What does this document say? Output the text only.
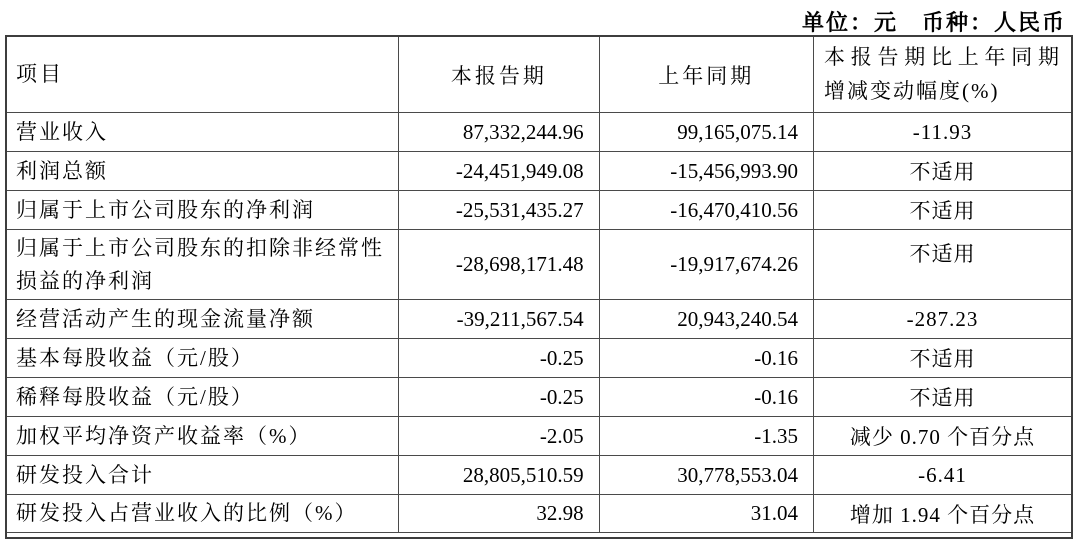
单位：元 币种：人民币
项目	本报告期	上年同期	本报告期比上年同期
增减变动幅度(%)

营业收入	87,332,244.96	99,165,075.14	-11.93
利润总额	-24,451,949.08	-15,456,993.90	不适用
归属于上市公司股东的净利润	-25,531,435.27	-16,470,410.56	不适用
归属于上市公司股东的扣除非经常性损益的净利润	-28,698,171.48	-19,917,674.26	不适用
经营活动产生的现金流量净额	-39,211,567.54	20,943,240.54	-287.23
基本每股收益（元/股）	-0.25	-0.16	不适用
稀释每股收益（元/股）	-0.25	-0.16	不适用
加权平均净资产收益率（%）	-2.05	-1.35	减少 0.70 个百分点
研发投入合计	28,805,510.59	30,778,553.04	-6.41
研发投入占营业收入的比例（%）	32.98	31.04	增加 1.94 个百分点
